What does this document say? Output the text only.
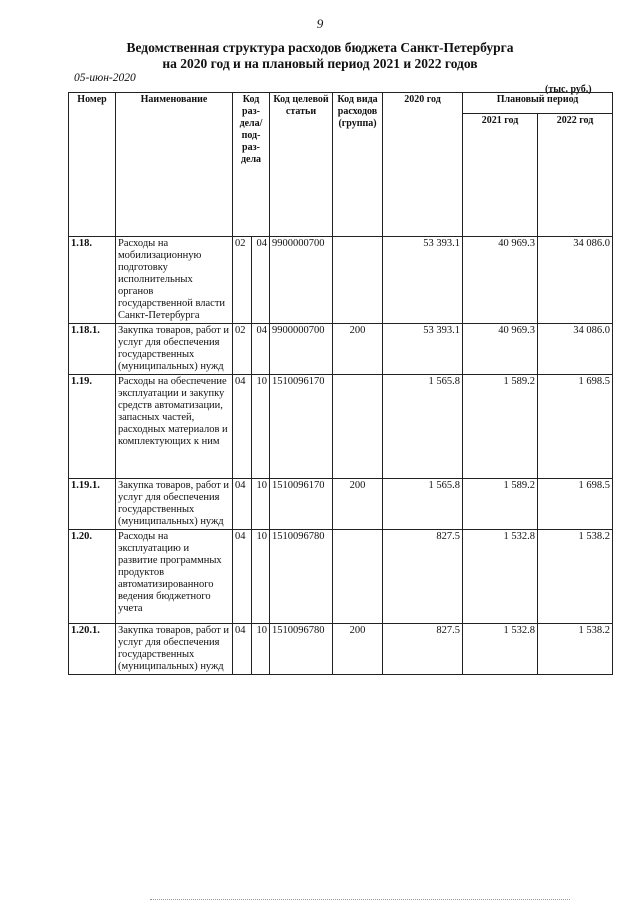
9
Ведомственная структура расходов бюджета Санкт-Петербурга
на 2020 год и на плановый период 2021 и 2022 годов
05-июн-2020
(тыс. руб.)
Номер	Наименование	Код раз-дела/ под-раз-дела		Код целевой статьи	Код вида расходов (группа)	2020 год	Плановый период	
							2021 год	2022 год
1.18.	Расходы на мобилизационную подготовку исполнительных органов государственной власти Санкт-Петербурга	02	04	9900000700		53 393.1	40 969.3	34 086.0
1.18.1.	Закупка товаров, работ и услуг для обеспечения государственных (муниципальных) нужд	02	04	9900000700	200	53 393.1	40 969.3	34 086.0
1.19.	Расходы на обеспечение эксплуатации и закупку средств автоматизации, запасных частей, расходных материалов и комплектующих к ним	04	10	1510096170		1 565.8	1 589.2	1 698.5
1.19.1.	Закупка товаров, работ и услуг для обеспечения государственных (муниципальных) нужд	04	10	1510096170	200	1 565.8	1 589.2	1 698.5
1.20.	Расходы на эксплуатацию и развитие программных продуктов автоматизированного ведения бюджетного учета	04	10	1510096780		827.5	1 532.8	1 538.2
1.20.1.	Закупка товаров, работ и услуг для обеспечения государственных (муниципальных) нужд	04	10	1510096780	200	827.5	1 532.8	1 538.2
